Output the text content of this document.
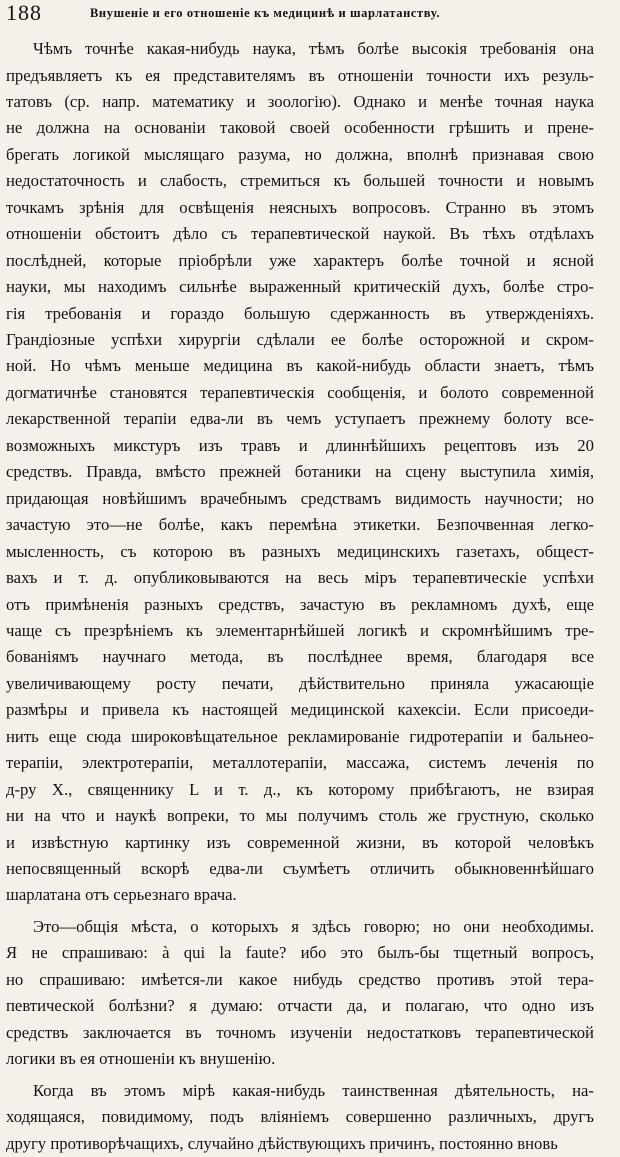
188	Внушенiе и его отношенiе къ медицинѣ и шарлатанству.
Чѣмъ точнѣе какая-нибудь наука, тѣмъ болѣе высокiя требованiя она
предъявляетъ къ ея представителямъ въ отношенiи точности ихъ резуль-
татовъ (ср. напр. математику и зоологiю). Однако и менѣе точная наука
не должна на основанiи таковой своей особенности грѣшить и прене-
брегать логикой мыслящаго разума, но должна, вполнѣ признавая свою
недостаточность и слабость, стремиться къ большей точности и новымъ
точкамъ зрѣнiя для освѣщенiя неясныхъ вопросовъ. Странно въ этомъ
отношенiи обстоитъ дѣло съ терапевтической наукой. Въ тѣхъ отдѣлахъ
послѣдней, которые прiобрѣли уже характеръ болѣе точной и ясной
науки, мы находимъ сильнѣе выраженный критическiй духъ, болѣе стро-
гiя требованiя и гораздо большую сдержанность въ утвержденiяхъ.
Грандiозные успѣхи хирургiи сдѣлали ее болѣе осторожной и скром-
ной. Но чѣмъ меньше медицина въ какой-нибудь области знаетъ, тѣмъ
догматичнѣе становятся терапевтическiя сообщенiя, и болото современной
лекарственной терапiи едва-ли въ чемъ уступаетъ прежнему болоту все-
возможныхъ микстуръ изъ травъ и длиннѣйшихъ рецептовъ изъ 20
средствъ. Правда, вмѣсто прежней ботаники на сцену выступила химiя,
придающая новѣйшимъ врачебнымъ средствамъ видимость научности; но
зачастую это—не болѣе, какъ перемѣна этикетки. Безпочвенная легко-
мысленность, съ которою въ разныхъ медицинскихъ газетахъ, общест-
вахъ и т. д. опубликовываются на весь мiръ терапевтическiе успѣхи
отъ примѣненiя разныхъ средствъ, зачастую въ рекламномъ духѣ, еще
чаще съ презрѣнiемъ къ элементарнѣйшей логикѣ и скромнѣйшимъ тре-
бованiямъ научнаго метода, въ послѣднее время, благодаря все
увеличивающему росту печати, дѣйствительно приняла ужасающiе
размѣры и привела къ настоящей медицинской кахексiи. Если присоеди-
нить еще сюда широковѣщательное рекламированiе гидротерапiи и бальнео-
терапiи, электротерапiи, металлотерапiи, массажа, системъ леченiя по
д-ру X., священнику L и т. д., къ которому прибѣгаютъ, не взирая
ни на что и наукѣ вопреки, то мы получимъ столь же грустную, сколько
и извѣстную картинку изъ современной жизни, въ которой человѣкъ
непосвященный вскорѣ едва-ли съумѣетъ отличить обыкновеннѣйшаго
шарлатана отъ серьезнаго врача.
Это—общiя мѣста, о которыхъ я здѣсь говорю; но они необходимы.
Я не спрашиваю: à qui la faute? ибо это былъ-бы тщетный вопросъ,
но спрашиваю: имѣется-ли какое нибудь средство противъ этой тера-
певтической болѣзни? я думаю: отчасти да, и полагаю, что одно изъ
средствъ заключается въ точномъ изученiи недостатковъ терапевтической
логики въ ея отношенiи къ внушенiю.
Когда въ этомъ мiрѣ какая-нибудь таинственная дѣятельность, на-
ходящаяся, повидимому, подъ влiянiемъ совершенно различныхъ, другъ
другу противорѣчащихъ, случайно дѣйствующихъ причинъ, постоянно вновь
